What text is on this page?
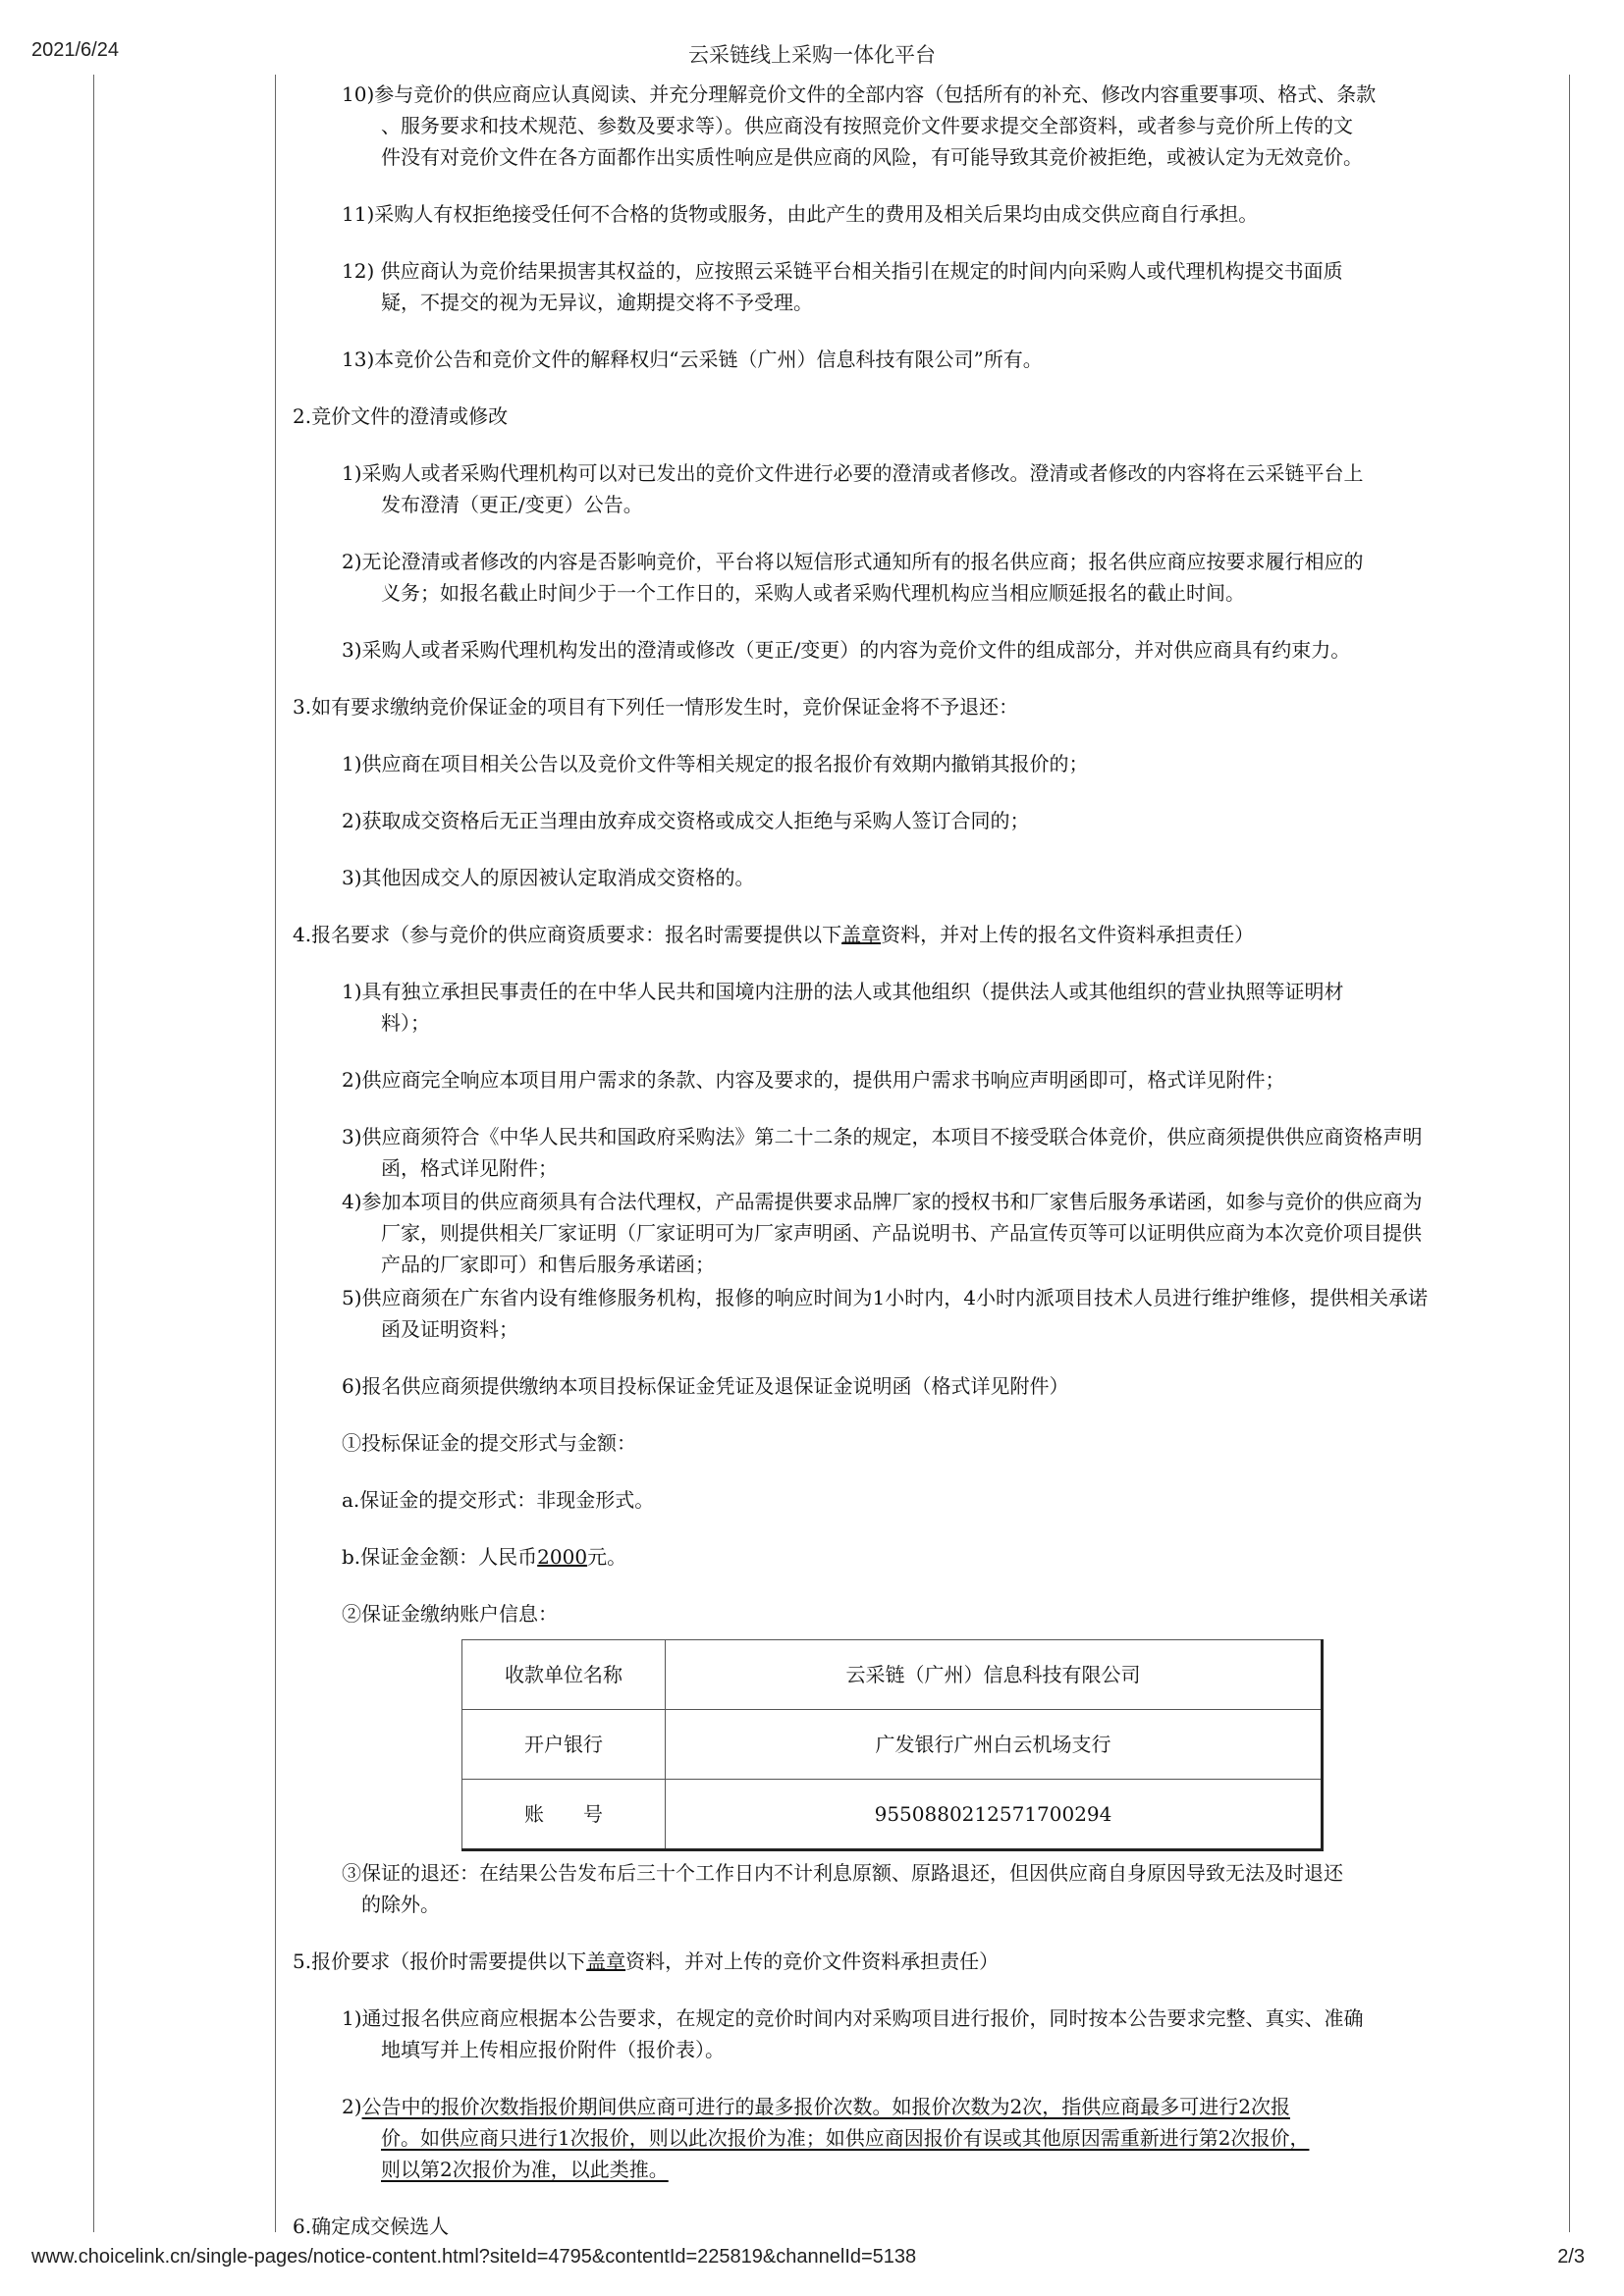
2021/6/24	云采链线上采购一体化平台
10)参与竞价的供应商应认真阅读、并充分理解竞价文件的全部内容（包括所有的补充、修改内容重要事项、格式、条款
、服务要求和技术规范、参数及要求等）。供应商没有按照竞价文件要求提交全部资料，或者参与竞价所上传的文
件没有对竞价文件在各方面都作出实质性响应是供应商的风险，有可能导致其竞价被拒绝，或被认定为无效竞价。
11)采购人有权拒绝接受任何不合格的货物或服务，由此产生的费用及相关后果均由成交供应商自行承担。
12) 供应商认为竞价结果损害其权益的，应按照云采链平台相关指引在规定的时间内向采购人或代理机构提交书面质
疑，不提交的视为无异议，逾期提交将不予受理。
13)本竞价公告和竞价文件的解释权归“云采链（广州）信息科技有限公司”所有。
2.竞价文件的澄清或修改
1)采购人或者采购代理机构可以对已发出的竞价文件进行必要的澄清或者修改。澄清或者修改的内容将在云采链平台上
发布澄清（更正/变更）公告。
2)无论澄清或者修改的内容是否影响竞价，平台将以短信形式通知所有的报名供应商；报名供应商应按要求履行相应的
义务；如报名截止时间少于一个工作日的，采购人或者采购代理机构应当相应顺延报名的截止时间。
3)采购人或者采购代理机构发出的澄清或修改（更正/变更）的内容为竞价文件的组成部分，并对供应商具有约束力。
3.如有要求缴纳竞价保证金的项目有下列任一情形发生时，竞价保证金将不予退还：
1)供应商在项目相关公告以及竞价文件等相关规定的报名报价有效期内撤销其报价的；
2)获取成交资格后无正当理由放弃成交资格或成交人拒绝与采购人签订合同的；
3)其他因成交人的原因被认定取消成交资格的。
4.报名要求（参与竞价的供应商资质要求：报名时需要提供以下盖章资料，并对上传的报名文件资料承担责任）
1)具有独立承担民事责任的在中华人民共和国境内注册的法人或其他组织（提供法人或其他组织的营业执照等证明材
料）；
2)供应商完全响应本项目用户需求的条款、内容及要求的，提供用户需求书响应声明函即可，格式详见附件；
3)供应商须符合《中华人民共和国政府采购法》第二十二条的规定，本项目不接受联合体竞价，供应商须提供供应商资格声明
函，格式详见附件；
4)参加本项目的供应商须具有合法代理权，产品需提供要求品牌厂家的授权书和厂家售后服务承诺函，如参与竞价的供应商为
厂家，则提供相关厂家证明（厂家证明可为厂家声明函、产品说明书、产品宣传页等可以证明供应商为本次竞价项目提供
产品的厂家即可）和售后服务承诺函；
5)供应商须在广东省内设有维修服务机构，报修的响应时间为1小时内，4小时内派项目技术人员进行维护维修，提供相关承诺
函及证明资料；
6)报名供应商须提供缴纳本项目投标保证金凭证及退保证金说明函（格式详见附件）
①投标保证金的提交形式与金额：
a.保证金的提交形式：非现金形式。
b.保证金金额：人民币2000元。
②保证金缴纳账户信息：
收款单位名称	云采链（广州）信息科技有限公司
开户银行	广发银行广州白云机场支行
账　　号	9550880212571700294
③保证的退还：在结果公告发布后三十个工作日内不计利息原额、原路退还，但因供应商自身原因导致无法及时退还
的除外。
5.报价要求（报价时需要提供以下盖章资料，并对上传的竞价文件资料承担责任）
1)通过报名供应商应根据本公告要求，在规定的竞价时间内对采购项目进行报价，同时按本公告要求完整、真实、准确
地填写并上传相应报价附件（报价表）。
2)公告中的报价次数指报价期间供应商可进行的最多报价次数。如报价次数为2次，指供应商最多可进行2次报
价。如供应商只进行1次报价，则以此次报价为准；如供应商因报价有误或其他原因需重新进行第2次报价，
则以第2次报价为准，以此类推。
6.确定成交候选人
www.choicelink.cn/single-pages/notice-content.html?siteId=4795&contentId=225819&channelId=5138	2/3
